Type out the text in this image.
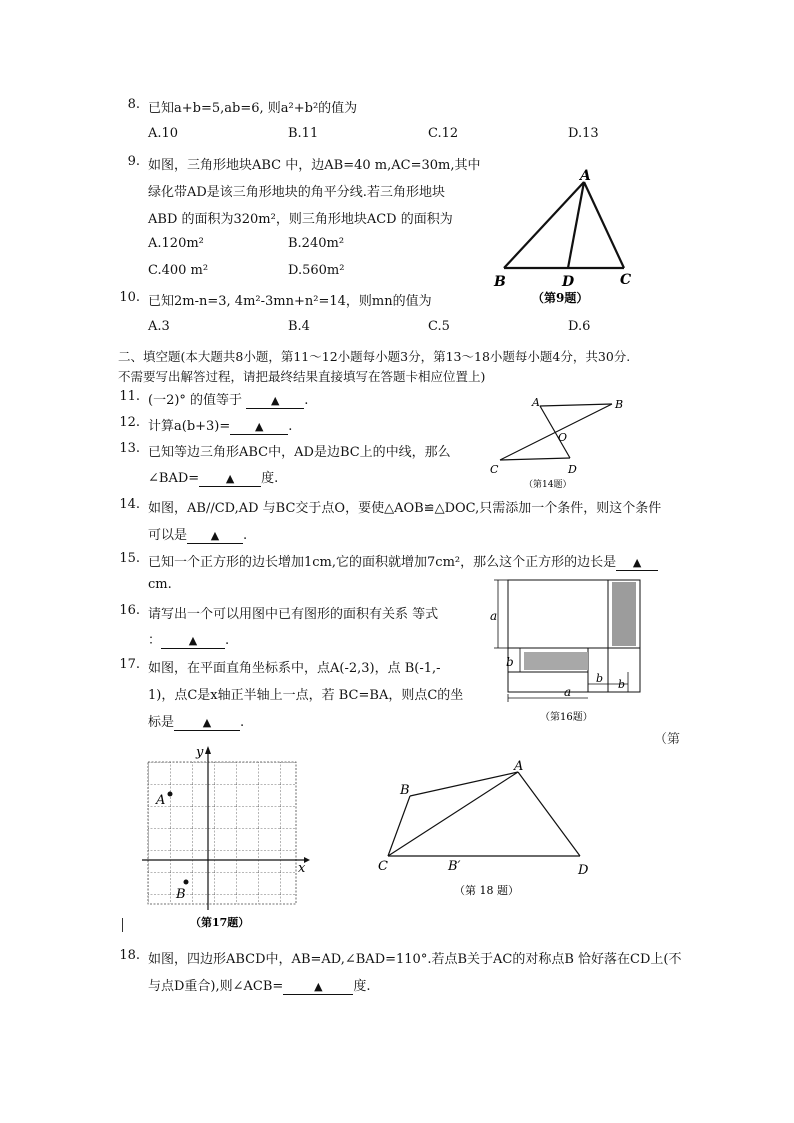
8. 已知a+b=5,ab=6, 则a²+b²的值为
A.10	B.11	C.12	D.13
9. 如图，三角形地块ABC 中，边AB=40 m,AC=30m,其中
绿化带AD是该三角形地块的角平分线.若三角形地块
ABD 的面积为320m²，则三角形地块ACD 的面积为
A.120m²	B.240m²
C.400 m²	D.560m²
A
B	D	C
（第9题）
10. 已知2m-n=3, 4m²-3mn+n²=14，则mn的值为
A.3	B.4	C.5	D.6
二、填空题(本大题共8小题，第11～12小题每小题3分，第13～18小题每小题4分，共30分.
不需要写出解答过程，请把最终结果直接填写在答题卡相应位置上)
11. (一2)° 的值等于	▲ .
12. 计算a(b+3)= ▲ .
13. 已知等边三角形ABC中，AD是边BC上的中线，那么
∠BAD= ▲ 度.
A	B
O
C	D
（第14题）
14. 如图，AB//CD,AD 与BC交于点O，要使△AOB≌△DOC,只需添加一个条件，则这个条件
可以是 ▲ .
15. 已知一个正方形的边长增加1cm,它的面积就增加7cm²，那么这个正方形的边长是 ▲
cm.
a
b
a
b b
（第16题）
16. 请写出一个可以用图中已有图形的面积有关系 等式
：	▲ .
17. 如图，在平面直角坐标系中，点A(-2,3)，点 B(-1,-
1)，点C是x轴正半轴上一点，若 BC=BA，则点C的坐
标是	▲ .
（第
y
x
A
B
（第17题）
A
B
C	B′	D
（第 18 题）
18. 如图，四边形ABCD中，AB=AD,∠BAD=110°.若点B关于AC的对称点B 恰好落在CD上(不
与点D重合),则∠ACB=	▲ 度.
